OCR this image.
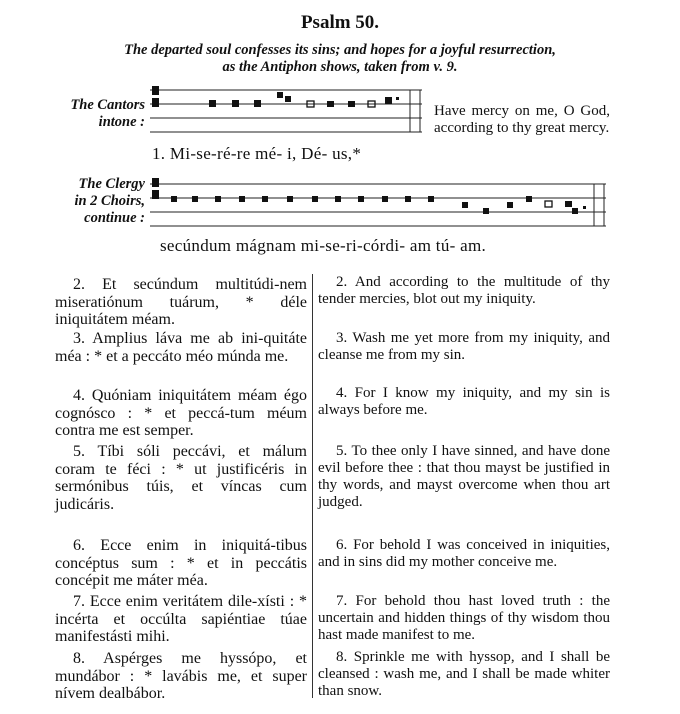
Psalm 50.
The departed soul confesses its sins; and hopes for a joyful resurrection,
as the Antiphon shows, taken from v. 9.
The Cantors
intone :
Have mercy on me, O God, according to thy great mercy.
1. Mi-se-ré-re mé- i, Dé- us,*
The Clergy
in 2 Choirs,
continue :
secúndum mágnam mi-se-ri-córdi- am tú- am.

2. Et secúndum multitúdi-nem miseratiónum tuárum, * déle iniquitátem méam.

3. Amplius láva me ab ini-quitáte méa : * et a peccáto méo múnda me.

4. Quóniam iniquitátem méam égo cognósco : * et peccá-tum méum contra me est semper.

5. Tíbi sóli peccávi, et málum coram te féci : * ut justificéris in sermónibus túis, et víncas cum judicáris.

6. Ecce enim in iniquitá-tibus concéptus sum : * et in peccátis concépit me máter méa.

7. Ecce enim veritátem dile-xísti : * incérta et occúlta sapiéntiae túae manifestásti mihi.

8. Aspérges me hyssópo, et mundábor : * lavábis me, et super nívem dealbábor.

2. And according to the multitude of thy tender mercies, blot out my iniquity.

3. Wash me yet more from my iniquity, and cleanse me from my sin.

4. For I know my iniquity, and my sin is always before me.

5. To thee only I have sinned, and have done evil before thee : that thou mayst be justified in thy words, and mayst overcome when thou art judged.

6. For behold I was conceived in iniquities, and in sins did my mother conceive me.

7. For behold thou hast loved truth : the uncertain and hidden things of thy wisdom thou hast made manifest to me.

8. Sprinkle me with hyssop, and I shall be cleansed : wash me, and I shall be made whiter than snow.
